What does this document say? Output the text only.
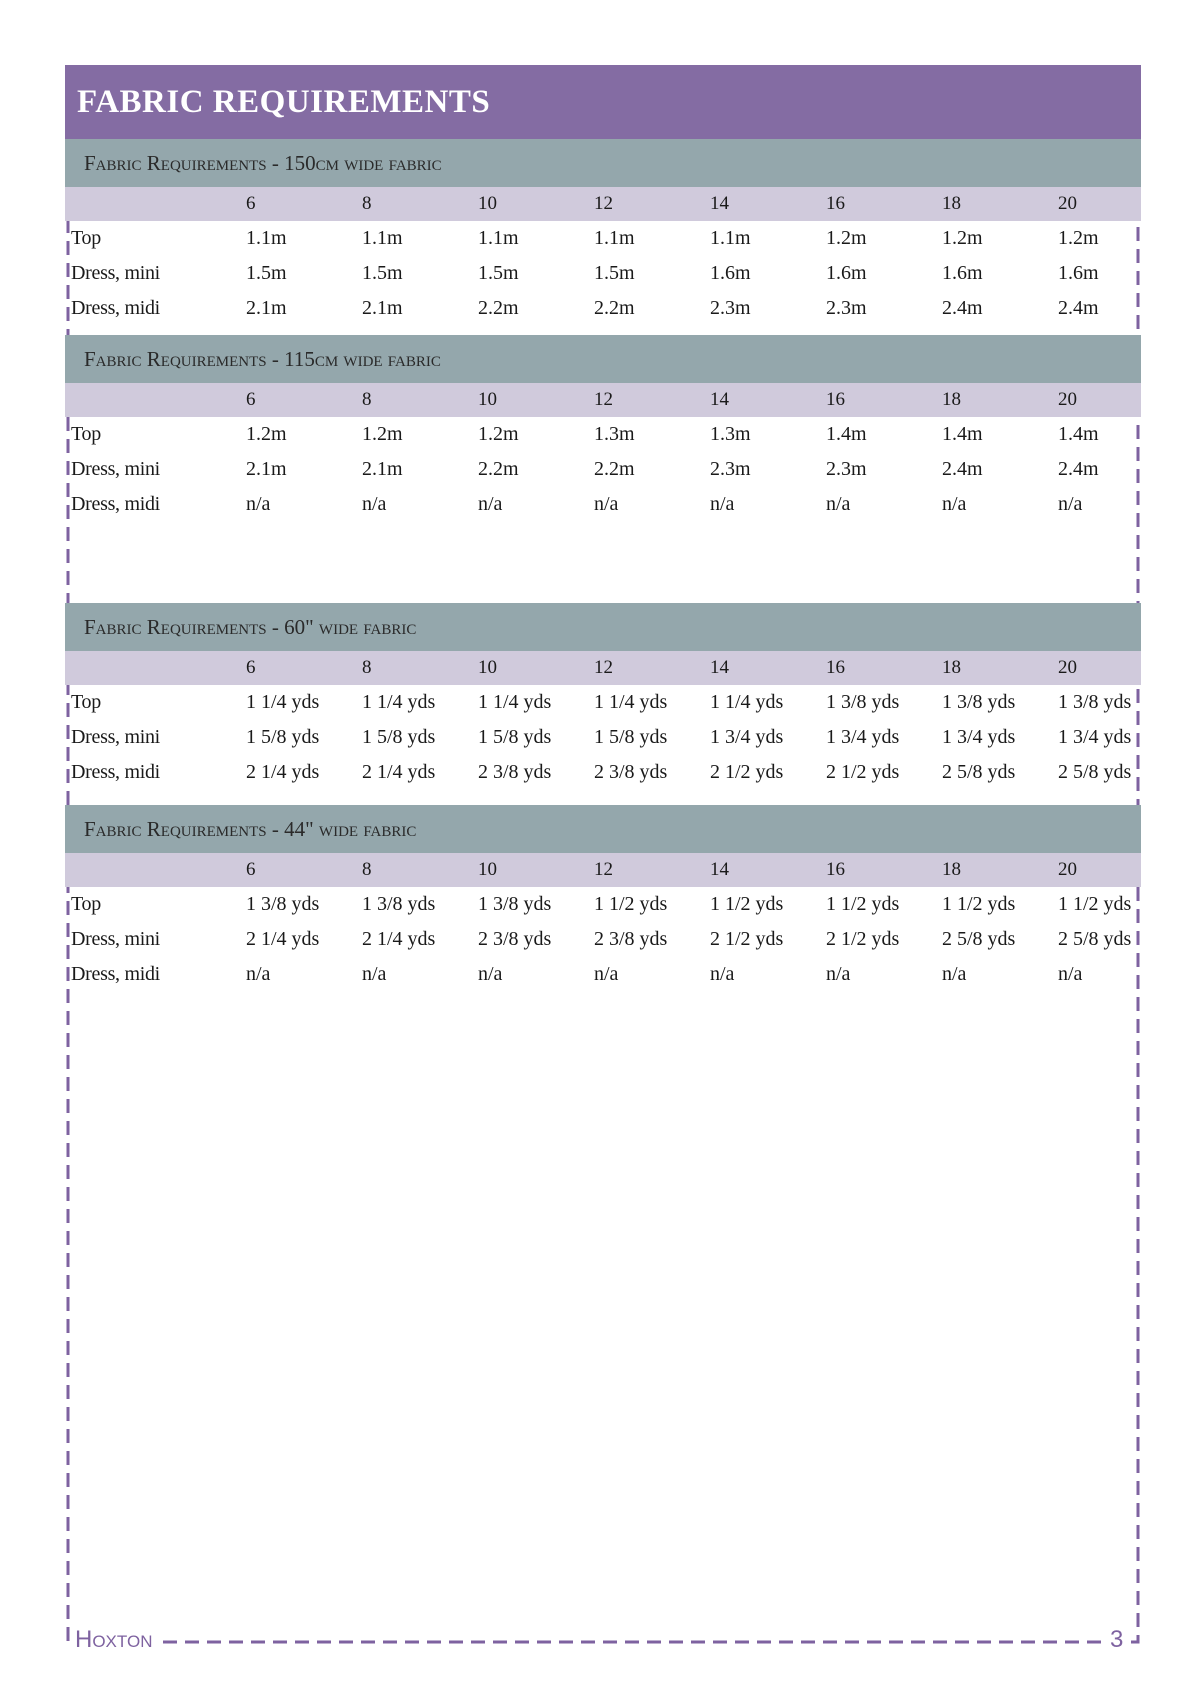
FABRIC REQUIREMENTS
Fabric Requirements - 150cm wide fabric
6	8	10	12	14	16	18	20
Top	1.1m	1.1m	1.1m	1.1m	1.1m	1.2m	1.2m	1.2m
Dress, mini	1.5m	1.5m	1.5m	1.5m	1.6m	1.6m	1.6m	1.6m
Dress, midi	2.1m	2.1m	2.2m	2.2m	2.3m	2.3m	2.4m	2.4m
Fabric Requirements - 115cm wide fabric
6	8	10	12	14	16	18	20
Top	1.2m	1.2m	1.2m	1.3m	1.3m	1.4m	1.4m	1.4m
Dress, mini	2.1m	2.1m	2.2m	2.2m	2.3m	2.3m	2.4m	2.4m
Dress, midi	n/a	n/a	n/a	n/a	n/a	n/a	n/a	n/a
Fabric Requirements - 60" wide fabric
6	8	10	12	14	16	18	20
Top	1 1/4 yds 1 1/4 yds 1 1/4 yds 1 1/4 yds 1 1/4 yds 1 3/8 yds 1 3/8 yds 1 3/8 yds
Dress, mini	1 5/8 yds 1 5/8 yds 1 5/8 yds 1 5/8 yds 1 3/4 yds 1 3/4 yds 1 3/4 yds 1 3/4 yds
Dress, midi	2 1/4 yds 2 1/4 yds 2 3/8 yds 2 3/8 yds 2 1/2 yds 2 1/2 yds 2 5/8 yds 2 5/8 yds
Fabric Requirements - 44" wide fabric
6	8	10	12	14	16	18	20
Top	1 3/8 yds 1 3/8 yds 1 3/8 yds 1 1/2 yds 1 1/2 yds 1 1/2 yds 1 1/2 yds 1 1/2 yds
Dress, mini	2 1/4 yds 2 1/4 yds 2 3/8 yds 2 3/8 yds 2 1/2 yds 2 1/2 yds 2 5/8 yds 2 5/8 yds
Dress, midi	n/a	n/a	n/a	n/a	n/a	n/a	n/a	n/a
Hoxton	3
